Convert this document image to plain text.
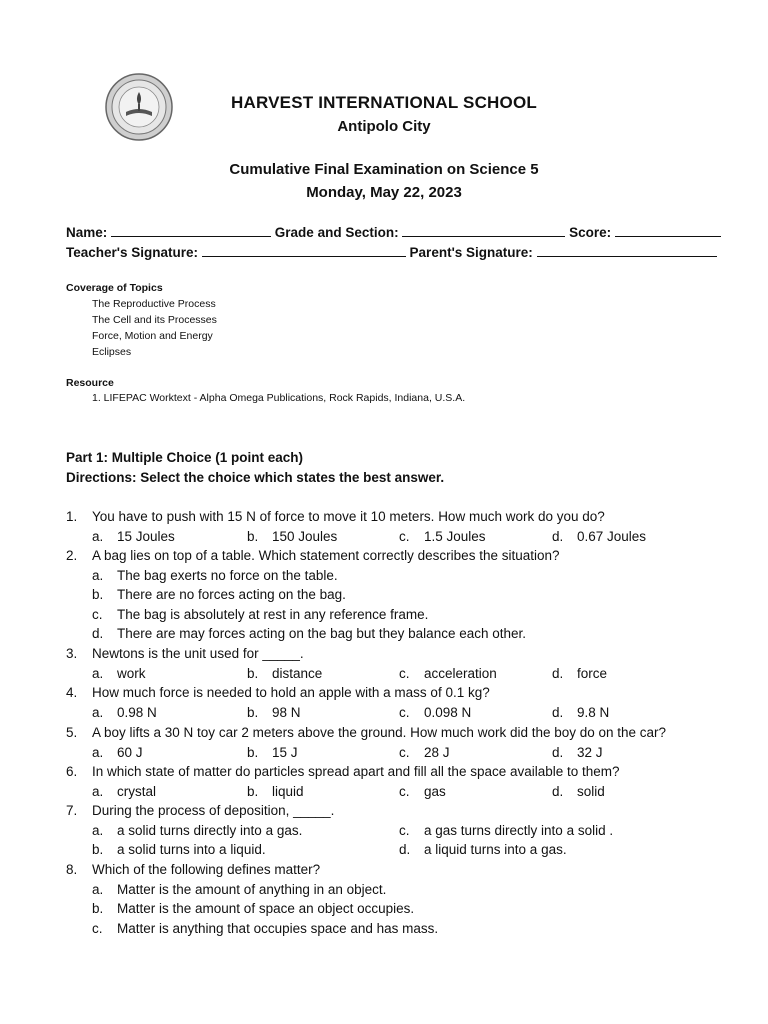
HARVEST INTERNATIONAL SCHOOL
Antipolo City
Cumulative Final Examination on Science 5
Monday, May 22, 2023
Name:	Grade and Section:	Score:
Teacher's Signature:	Parent's Signature:
Coverage of Topics
The Reproductive Process
The Cell and its Processes
Force, Motion and Energy
Eclipses
Resource
1. LIFEPAC Worktext - Alpha Omega Publications, Rock Rapids, Indiana, U.S.A.
Part 1: Multiple Choice (1 point each)
Directions: Select the choice which states the best answer.
1. You have to push with 15 N of force to move it 10 meters. How much work do you do?
a. 15 Joules	b. 150 Joules	c. 1.5 Joules	d. 0.67 Joules
2. A bag lies on top of a table. Which statement correctly describes the situation?
a. The bag exerts no force on the table.
b. There are no forces acting on the bag.
c. The bag is absolutely at rest in any reference frame.
d. There are may forces acting on the bag but they balance each other.
3. Newtons is the unit used for _____.
a. work	b. distance	c. acceleration	d. force
4. How much force is needed to hold an apple with a mass of 0.1 kg?
a. 0.98 N	b. 98 N	c. 0.098 N	d. 9.8 N
5. A boy lifts a 30 N toy car 2 meters above the ground. How much work did the boy do on the car?
a. 60 J	b. 15 J	c. 28 J	d. 32 J
6. In which state of matter do particles spread apart and fill all the space available to them?
a. crystal	b. liquid	c. gas	d. solid
7. During the process of deposition, _____.
a. a solid turns directly into a gas.	c. a gas turns directly into a solid .
b. a solid turns into a liquid.	d. a liquid turns into a gas.
8. Which of the following defines matter?
a. Matter is the amount of anything in an object.
b. Matter is the amount of space an object occupies.
c. Matter is anything that occupies space and has mass.
